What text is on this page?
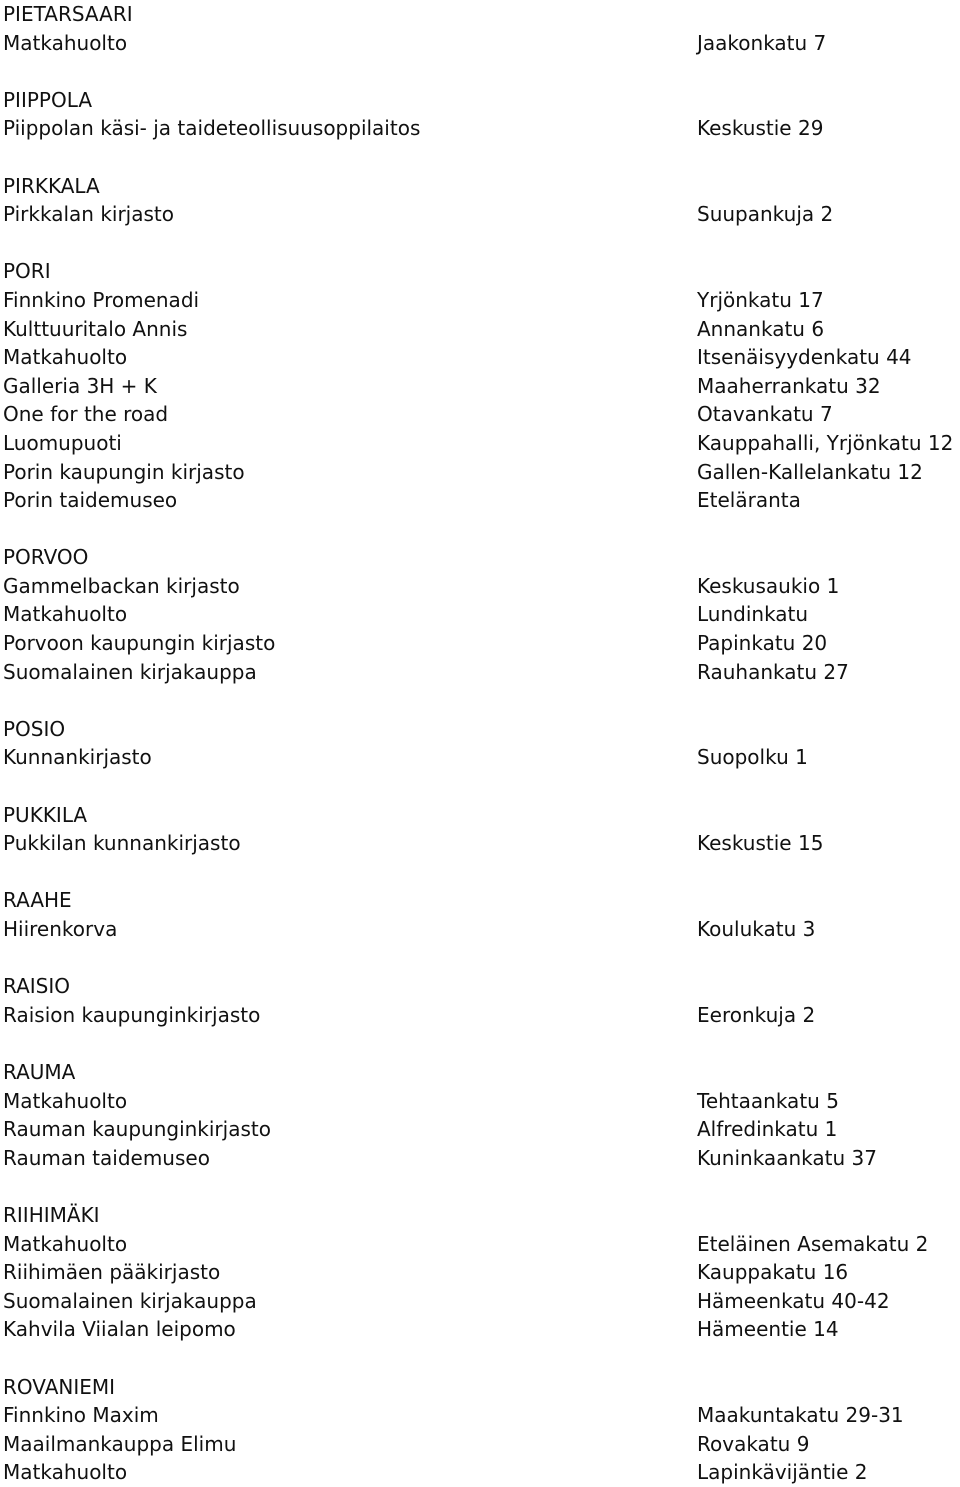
PIETARSAARI
Matkahuolto	Jaakonkatu 7
PIIPPOLA
Piippolan käsi- ja taideteollisuusoppilaitos	Keskustie 29
PIRKKALA
Pirkkalan kirjasto	Suupankuja 2
PORI
Finnkino Promenadi	Yrjönkatu 17
Kulttuuritalo Annis	Annankatu 6
Matkahuolto	Itsenäisyydenkatu 44
Galleria 3H + K	Maaherrankatu 32
One for the road	Otavankatu 7
Luomupuoti	Kauppahalli, Yrjönkatu 12
Porin kaupungin kirjasto	Gallen-Kallelankatu 12
Porin taidemuseo	Eteläranta
PORVOO
Gammelbackan kirjasto	Keskusaukio 1
Matkahuolto	Lundinkatu
Porvoon kaupungin kirjasto	Papinkatu 20
Suomalainen kirjakauppa	Rauhankatu 27
POSIO
Kunnankirjasto	Suopolku 1
PUKKILA
Pukkilan kunnankirjasto	Keskustie 15
RAAHE
Hiirenkorva	Koulukatu 3
RAISIO
Raision kaupunginkirjasto	Eeronkuja 2
RAUMA
Matkahuolto	Tehtaankatu 5
Rauman kaupunginkirjasto	Alfredinkatu 1
Rauman taidemuseo	Kuninkaankatu 37
RIIHIMÄKI
Matkahuolto	Eteläinen Asemakatu 2
Riihimäen pääkirjasto	Kauppakatu 16
Suomalainen kirjakauppa	Hämeenkatu 40-42
Kahvila Viialan leipomo	Hämeentie 14
ROVANIEMI
Finnkino Maxim	Maakuntakatu 29-31
Maailmankauppa Elimu	Rovakatu 9
Matkahuolto	Lapinkävijäntie 2
